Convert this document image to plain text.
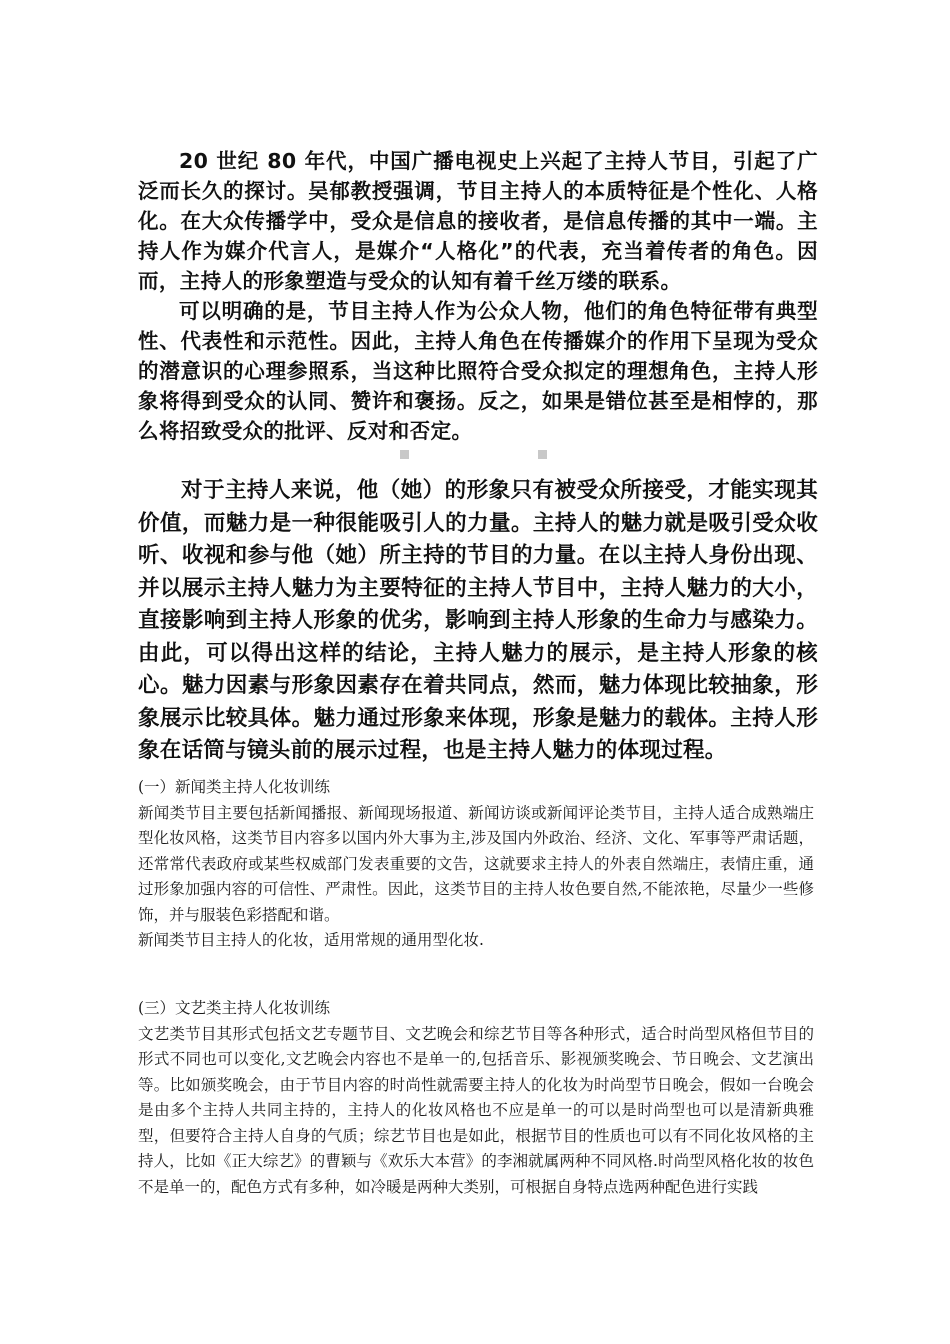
20 世纪 80 年代，中国广播电视史上兴起了主持人节目，引起了广泛而长久的探讨。吴郁教授强调，节目主持人的本质特征是个性化、人格化。在大众传播学中，受众是信息的接收者，是信息传播的其中一端。主持人作为媒介代言人，是媒介“人格化”的代表，充当着传者的角色。因而，主持人的形象塑造与受众的认知有着千丝万缕的联系。

可以明确的是，节目主持人作为公众人物，他们的角色特征带有典型性、代表性和示范性。因此，主持人角色在传播媒介的作用下呈现为受众的潜意识的心理参照系，当这种比照符合受众拟定的理想角色，主持人形象将得到受众的认同、赞许和褒扬。反之，如果是错位甚至是相悖的，那么将招致受众的批评、反对和否定。

对于主持人来说，他（她）的形象只有被受众所接受，才能实现其价值，而魅力是一种很能吸引人的力量。主持人的魅力就是吸引受众收听、收视和参与他（她）所主持的节目的力量。在以主持人身份出现、并以展示主持人魅力为主要特征的主持人节目中，主持人魅力的大小，直接影响到主持人形象的优劣，影响到主持人形象的生命力与感染力。由此，可以得出这样的结论，主持人魅力的展示，是主持人形象的核心。魅力因素与形象因素存在着共同点，然而，魅力体现比较抽象，形象展示比较具体。魅力通过形象来体现，形象是魅力的载体。主持人形象在话筒与镜头前的展示过程，也是主持人魅力的体现过程。

(一）新闻类主持人化妆训练

新闻类节目主要包括新闻播报、新闻现场报道、新闻访谈或新闻评论类节目，主持人适合成熟端庄型化妆风格，这类节目内容多以国内外大事为主,涉及国内外政治、经济、文化、军事等严肃话题，还常常代表政府或某些权威部门发表重要的文告，这就要求主持人的外表自然端庄，表情庄重，通过形象加强内容的可信性、严肃性。因此，这类节目的主持人妆色要自然,不能浓艳，尽量少一些修饰，并与服装色彩搭配和谐。

新闻类节目主持人的化妆，适用常规的通用型化妆.

(三）文艺类主持人化妆训练

文艺类节目其形式包括文艺专题节目、文艺晚会和综艺节目等各种形式，适合时尚型风格但节目的形式不同也可以变化,文艺晚会内容也不是单一的,包括音乐、影视颁奖晚会、节日晚会、文艺演出等。比如颁奖晚会，由于节目内容的时尚性就需要主持人的化妆为时尚型节日晚会，假如一台晚会是由多个主持人共同主持的，主持人的化妆风格也不应是单一的可以是时尚型也可以是清新典雅型，但要符合主持人自身的气质；综艺节目也是如此，根据节目的性质也可以有不同化妆风格的主持人，比如《正大综艺》的曹颖与《欢乐大本营》的李湘就属两种不同风格.时尚型风格化妆的妆色不是单一的，配色方式有多种，如冷暖是两种大类别，可根据自身特点选两种配色进行实践
